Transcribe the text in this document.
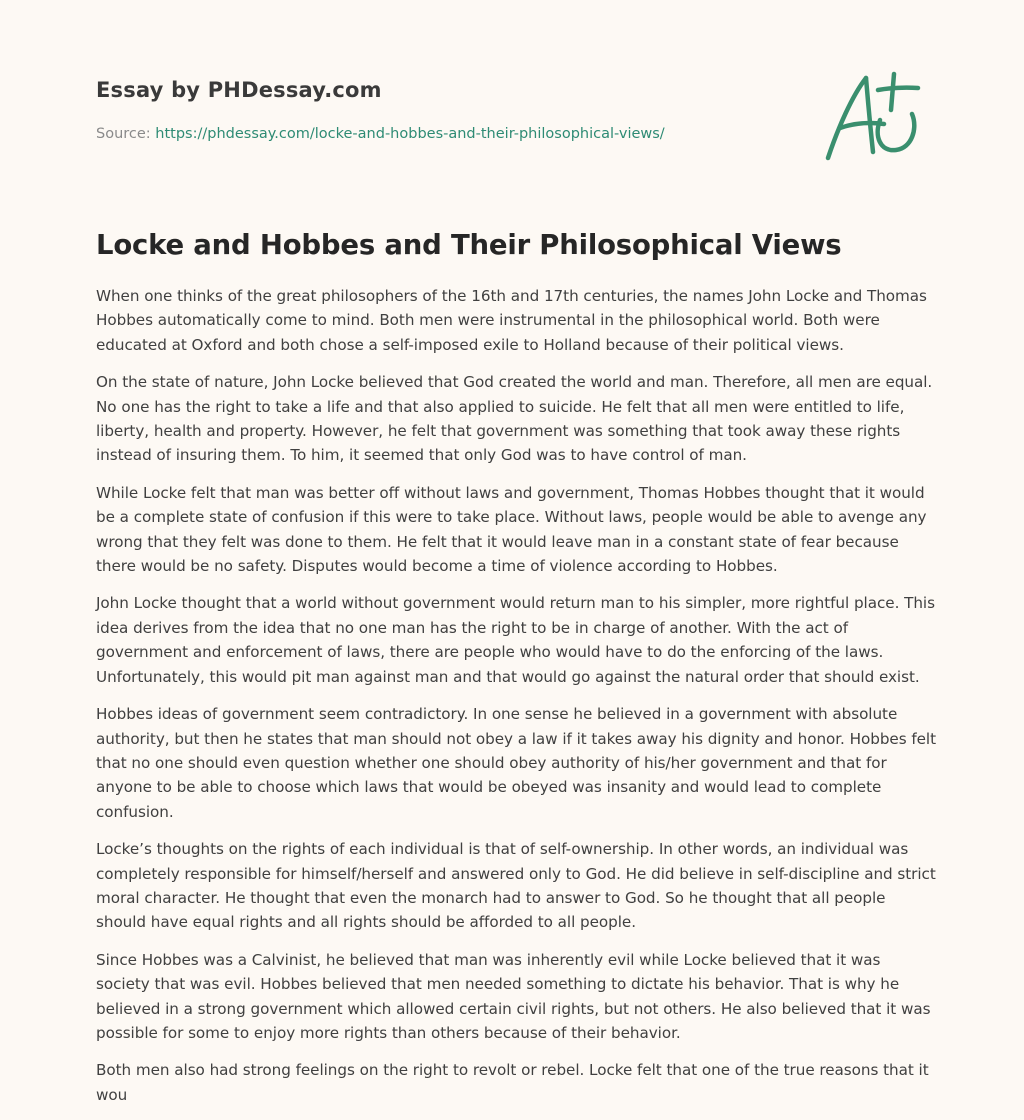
Essay by PHDessay.com
Source: https://phdessay.com/locke-and-hobbes-and-their-philosophical-views/
Locke and Hobbes and Their Philosophical Views

When one thinks of the great philosophers of the 16th and 17th centuries, the names John Locke and Thomas Hobbes automatically come to mind. Both men were instrumental in the philosophical world. Both were educated at Oxford and both chose a self-imposed exile to Holland because of their political views.

On the state of nature, John Locke believed that God created the world and man. Therefore, all men are equal. No one has the right to take a life and that also applied to suicide. He felt that all men were entitled to life, liberty, health and property. However, he felt that government was something that took away these rights instead of insuring them. To him, it seemed that only God was to have control of man.

While Locke felt that man was better off without laws and government, Thomas Hobbes thought that it would be a complete state of confusion if this were to take place. Without laws, people would be able to avenge any wrong that they felt was done to them. He felt that it would leave man in a constant state of fear because there would be no safety. Disputes would become a time of violence according to Hobbes.

John Locke thought that a world without government would return man to his simpler, more rightful place. This idea derives from the idea that no one man has the right to be in charge of another. With the act of government and enforcement of laws, there are people who would have to do the enforcing of the laws. Unfortunately, this would pit man against man and that would go against the natural order that should exist.

Hobbes ideas of government seem contradictory. In one sense he believed in a government with absolute authority, but then he states that man should not obey a law if it takes away his dignity and honor. Hobbes felt that no one should even question whether one should obey authority of his/her government and that for anyone to be able to choose which laws that would be obeyed was insanity and would lead to complete confusion.

Locke’s thoughts on the rights of each individual is that of self-ownership. In other words, an individual was completely responsible for himself/herself and answered only to God. He did believe in self-discipline and strict moral character. He thought that even the monarch had to answer to God. So he thought that all people should have equal rights and all rights should be afforded to all people.

Since Hobbes was a Calvinist, he believed that man was inherently evil while Locke believed that it was society that was evil. Hobbes believed that men needed something to dictate his behavior. That is why he believed in a strong government which allowed certain civil rights, but not others. He also believed that it was possible for some to enjoy more rights than others because of their behavior.

Both men also had strong feelings on the right to revolt or rebel. Locke felt that one of the true reasons that it wou
